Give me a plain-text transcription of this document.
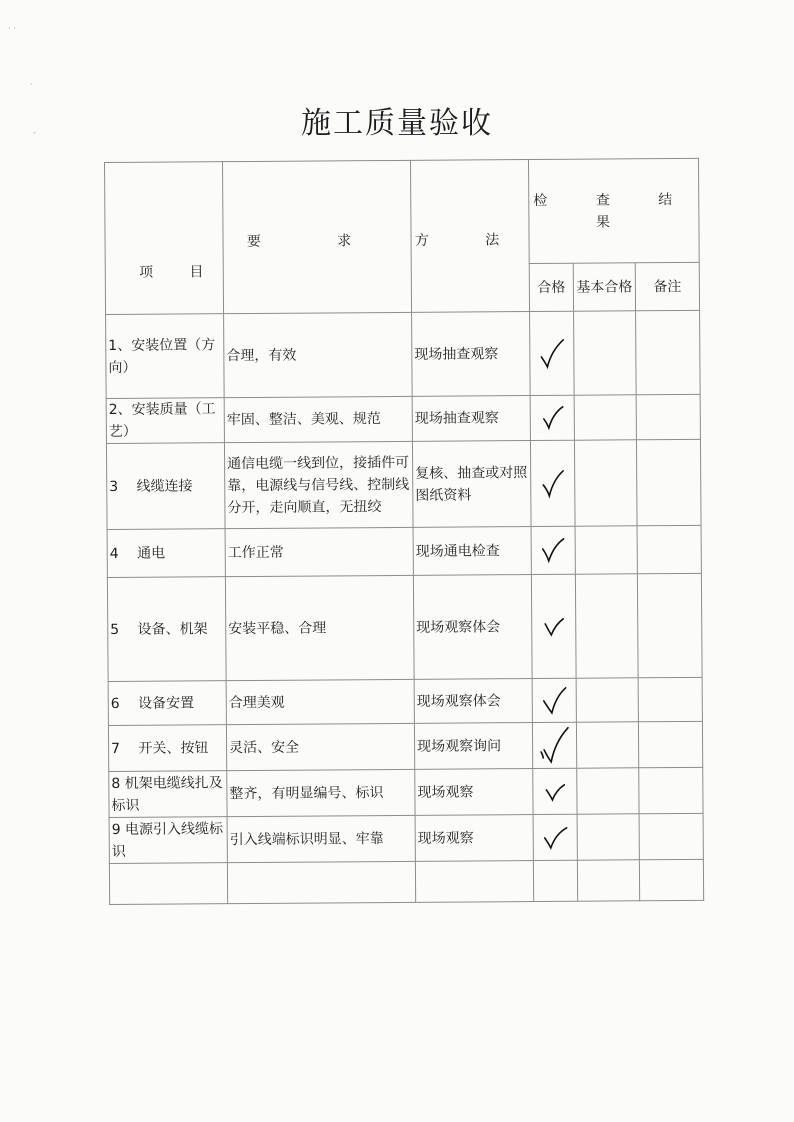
· ·
·
-	施工质量验收
项 目	要 求	方 法	检 查 结 果		
			合格	基本合格	备注
1、安装位置（方向）	合理，有效	现场抽查观察	

2、安装质量（工艺）	牢固、整洁、美观、规范	现场抽查观察	

3　 线缆连接	通信电缆一线到位，接插件可靠，电源线与信号线、控制线分开，走向顺直，无扭绞	复核、抽查或对照图纸资料	

4　 通电	工作正常	现场通电检查	

5　 设备、机架	安装平稳、合理	现场观察体会	

6　 设备安置	合理美观	现场观察体会	

7　 开关、按钮	灵活、安全	现场观察询问	

8 机架电缆线扎及标识	整齐，有明显编号、标识	现场观察	

9 电源引入线缆标识	引入线端标识明显、牢靠	现场观察	
